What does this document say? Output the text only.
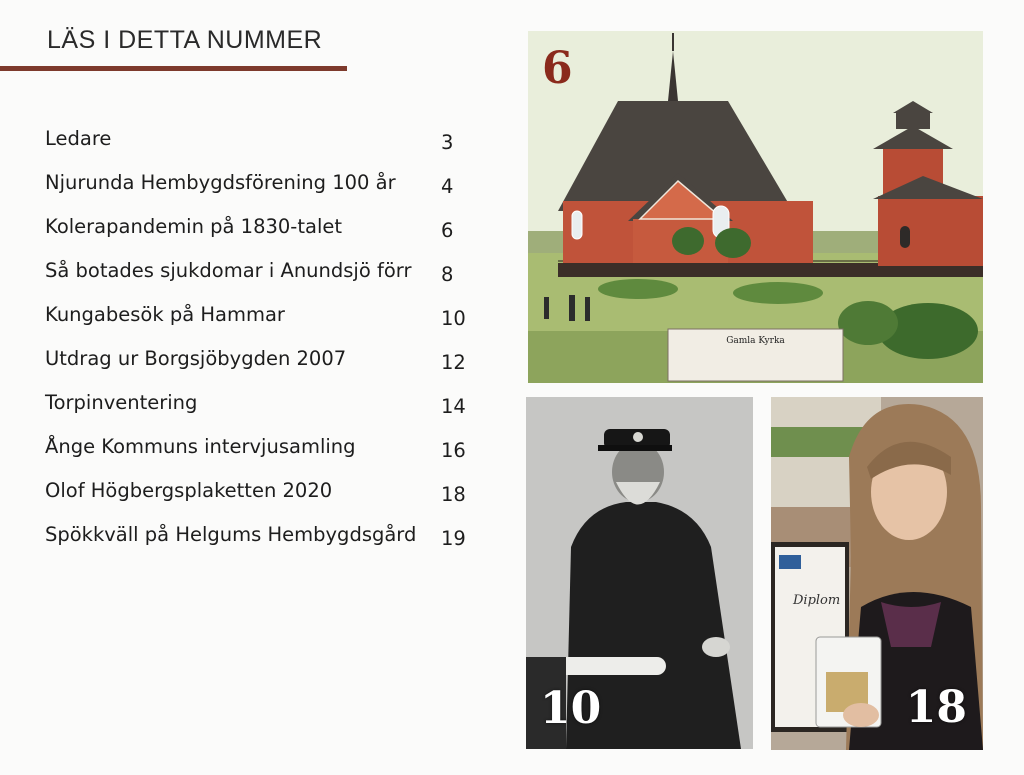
LÄS I DETTA NUMMER
Ledare	3
Njurunda Hembygdsförening 100 år 4
Kolerapandemin på 1830-talet	6
Så botades sjukdomar i Anundsjö förr 8
Kungabesök på Hammar	10
Utdrag ur Borgsjöbygden 2007	12
Torpinventering	14
Ånge Kommuns intervjusamling	16
Olof Högbergsplaketten 2020	18
Spökkväll på Helgums Hembygdsgård 19
Gamla Kyrka
6
10
Diplom
18
